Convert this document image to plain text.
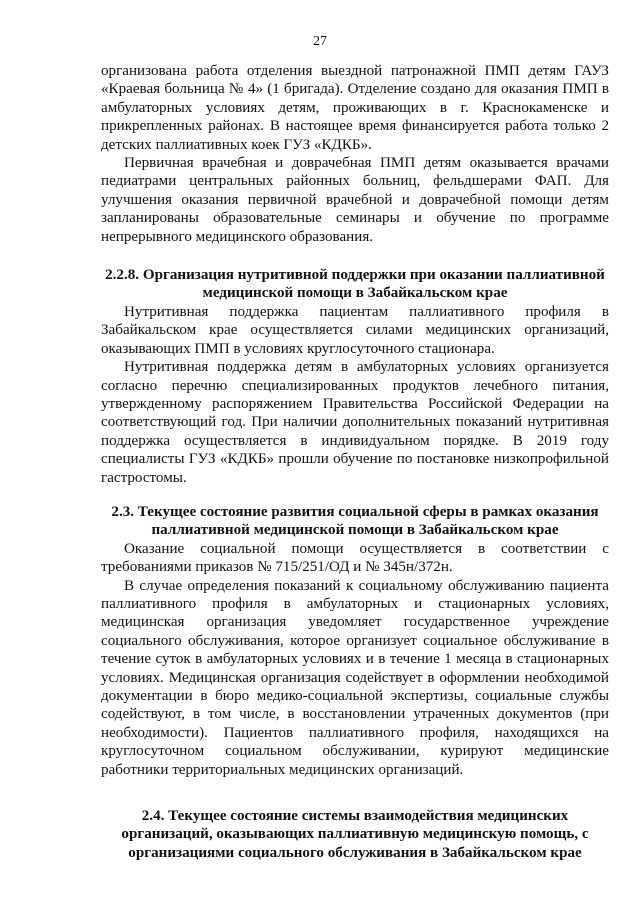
27

организована работа отделения выездной патронажной ПМП детям ГАУЗ «Краевая больница № 4» (1 бригада). Отделение создано для оказания ПМП в амбулаторных условиях детям, проживающих в г. Краснокаменске и прикрепленных районах. В настоящее время финансируется работа только 2 детских паллиативных коек ГУЗ «КДКБ».

Первичная врачебная и доврачебная ПМП детям оказывается врачами педиатрами центральных районных больниц, фельдшерами ФАП. Для улучшения оказания первичной врачебной и доврачебной помощи детям запланированы образовательные семинары и обучение по программе непрерывного медицинского образования.

2.2.8. Организация нутритивной поддержки при оказании паллиативной медицинской помощи в Забайкальском крае

Нутритивная поддержка пациентам паллиативного профиля в Забайкальском крае осуществляется силами медицинских организаций, оказывающих ПМП в условиях круглосуточного стационара.

Нутритивная поддержка детям в амбулаторных условиях организуется согласно перечню специализированных продуктов лечебного питания, утвержденному распоряжением Правительства Российской Федерации на соответствующий год. При наличии дополнительных показаний нутритивная поддержка осуществляется в индивидуальном порядке. В 2019 году специалисты ГУЗ «КДКБ» прошли обучение по постановке низкопрофильной гастростомы.

2.3. Текущее состояние развития социальной сферы в рамках оказания паллиативной медицинской помощи в Забайкальском крае

Оказание социальной помощи осуществляется в соответствии с требованиями приказов № 715/251/ОД и № 345н/372н.

В случае определения показаний к социальному обслуживанию пациента паллиативного профиля в амбулаторных и стационарных условиях, медицинская организация уведомляет государственное учреждение социального обслуживания, которое организует социальное обслуживание в течение суток в амбулаторных условиях и в течение 1 месяца в стационарных условиях. Медицинская организация содействует в оформлении необходимой документации в бюро медико-социальной экспертизы, социальные службы содействуют, в том числе, в восстановлении утраченных документов (при необходимости). Пациентов паллиативного профиля, находящихся на круглосуточном социальном обслуживании, курируют медицинские работники территориальных медицинских организаций.

2.4. Текущее состояние системы взаимодействия медицинских организаций, оказывающих паллиативную медицинскую помощь, с организациями социального обслуживания в Забайкальском крае
